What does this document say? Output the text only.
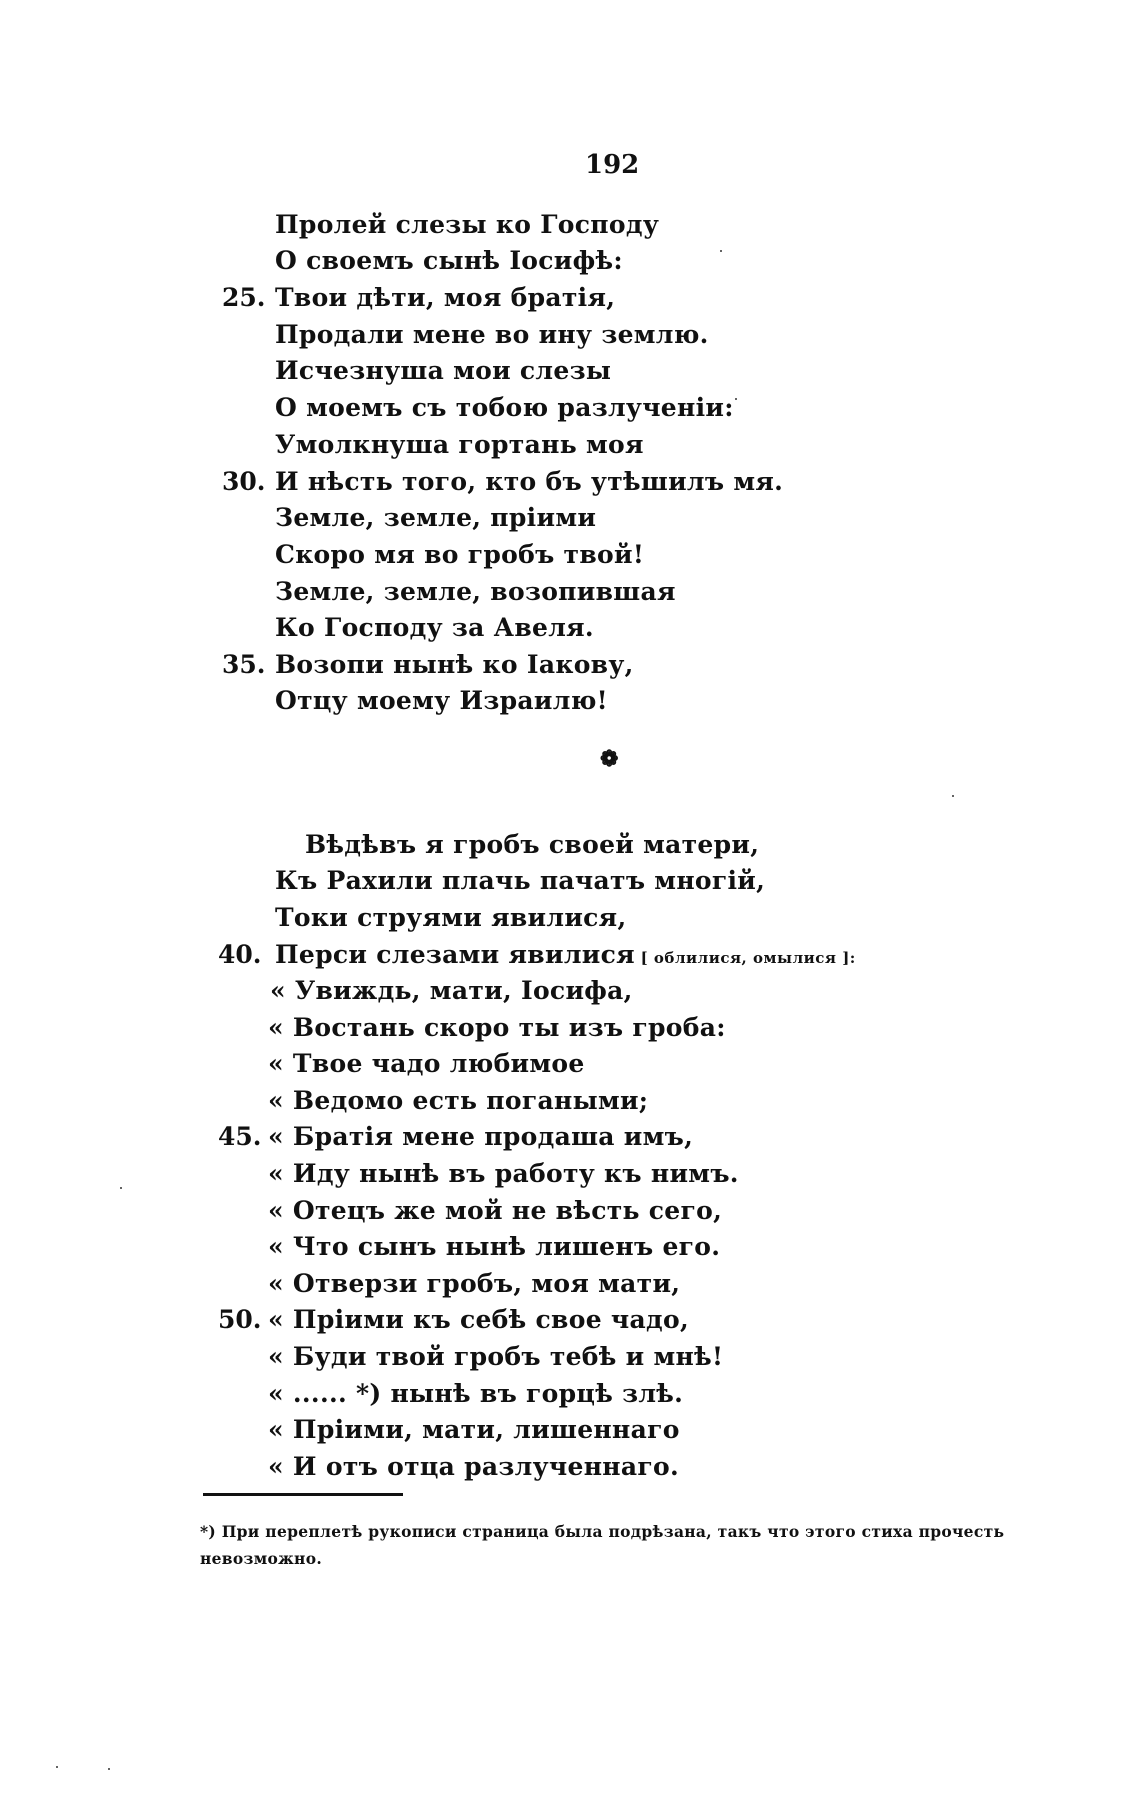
192
Пролей слезы ко Господу
О своемъ сынѣ Іосифѣ:
25. Твои дѣти, моя братія,
Продали мене во ину землю.
Исчезнуша мои слезы
О моемъ съ тобою разлученіи:
Умолкнуша гортань моя
30. И нѣсть того, кто бъ утѣшилъ мя.
Земле, земле, пріими
Скоро мя во гробъ твой!
Земле, земле, возопившая
Ко Господу за Авеля.
35. Возопи нынѣ ко Іакову,
Отцу моему Израилю!
Вѣдѣвъ я гробъ своей матери,
Къ Рахили плачь пачатъ многій,
Токи струями явилися,
40. Перси слезами явилися [ облилися, омылися ]:
« Увиждь, мати, Іосифа,
« Востань скоро ты изъ гроба:
« Твое чадо любимое
« Ведомо есть погаными;
45. « Братія мене продаша имъ,
« Иду нынѣ въ работу къ нимъ.
« Отецъ же мой не вѣсть сего,
« Что сынъ нынѣ лишенъ его.
« Отверзи гробъ, моя мати,
50. « Пріими къ себѣ свое чадо,
« Буди твой гробъ тебѣ и мнѣ!
« ...... *) нынѣ въ горцѣ злѣ.
« Пріими, мати, лишеннаго
« И отъ отца разлученнаго.
❁
*) При переплетѣ рукописи страница была подрѣзана, такъ что этого стиха прочесть невозможно.
